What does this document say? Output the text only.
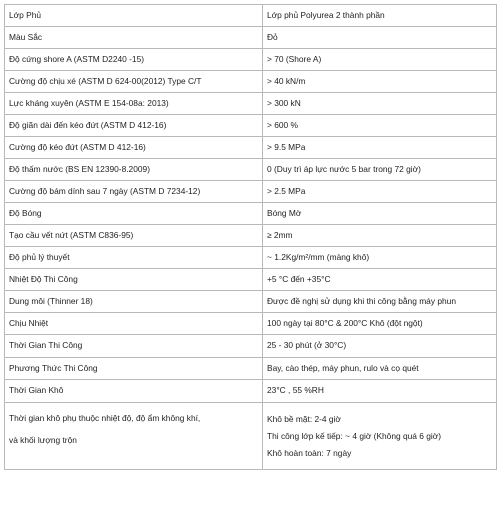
Lớp Phủ	Lớp phủ Polyurea 2 thành phần
Màu Sắc	Đỏ
Độ cứng shore A (ASTM D2240 -15)	> 70 (Shore A)
Cường độ chịu xé (ASTM D 624-00(2012) Type C/T	> 40 kN/m
Lực kháng xuyên (ASTM E 154-08a: 2013)	> 300 kN
Độ giãn dài đến kéo đứt (ASTM D 412-16)	> 600 %
Cường độ kéo đứt (ASTM D 412-16)	> 9.5 MPa
Độ thấm nước (BS EN 12390-8.2009)	0 (Duy trì áp lực nước 5 bar trong 72 giờ)
Cường độ bám dính sau 7 ngày (ASTM D 7234-12)	> 2.5 MPa
Độ Bóng	Bóng Mờ
Tạo cầu vết nứt (ASTM C836-95)	≥ 2mm
Độ phủ lý thuyết	~ 1.2Kg/m²/mm (màng khô)
Nhiệt Độ Thi Công	+5 °C đến +35°C
Dung môi (Thinner 18)	Được đề nghị sử dụng khi thi công bằng máy phun
Chịu Nhiệt	100 ngày tại 80°C & 200°C Khô (đột ngột)
Thời Gian Thi Công	25 - 30 phút (ở 30°C)
Phương Thức Thi Công	Bay, cào thép, máy phun, rulo và cọ quét
Thời Gian Khô	23°C , 55 %RH

Thời gian khô phụ thuộc nhiệt độ, độ ẩm không khí,
và khối lượng trộn	Khô bề mặt: 2-4 giờ
Thi công lớp kế tiếp: ~ 4 giờ (Không quá 6 giờ)
Khô hoàn toàn: 7 ngày
